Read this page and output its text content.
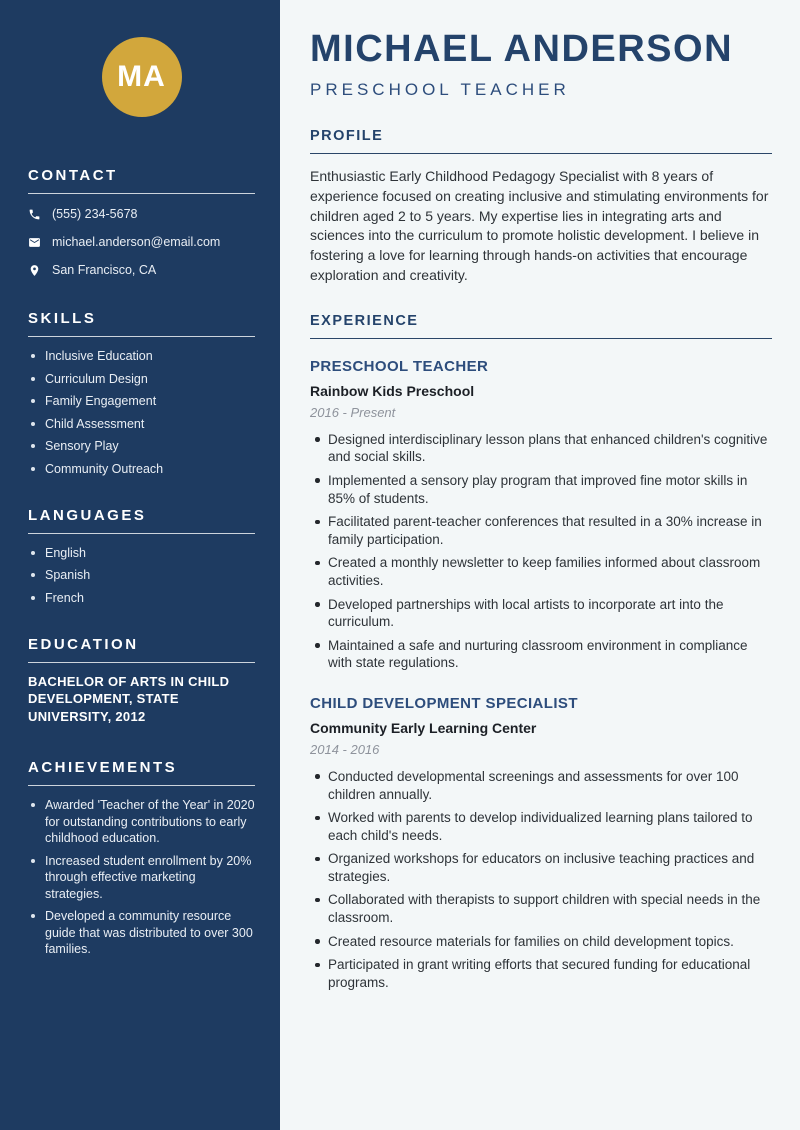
MA
CONTACT
(555) 234-5678
michael.anderson@email.com
San Francisco, CA
SKILLS
Inclusive Education
Curriculum Design
Family Engagement
Child Assessment
Sensory Play
Community Outreach
LANGUAGES
English
Spanish
French
EDUCATION

BACHELOR OF ARTS IN CHILD DEVELOPMENT, STATE UNIVERSITY, 2012

ACHIEVEMENTS
Awarded 'Teacher of the Year' in 2020 for outstanding contributions to early childhood education.
Increased student enrollment by 20% through effective marketing strategies.
Developed a community resource guide that was distributed to over 300 families.
MICHAEL ANDERSON
PRESCHOOL TEACHER
PROFILE

Enthusiastic Early Childhood Pedagogy Specialist with 8 years of experience focused on creating inclusive and stimulating environments for children aged 2 to 5 years. My expertise lies in integrating arts and sciences into the curriculum to promote holistic development. I believe in fostering a love for learning through hands-on activities that encourage exploration and creativity.

EXPERIENCE
PRESCHOOL TEACHER
Rainbow Kids Preschool
2016 - Present
Designed interdisciplinary lesson plans that enhanced children's cognitive and social skills.
Implemented a sensory play program that improved fine motor skills in 85% of students.
Facilitated parent-teacher conferences that resulted in a 30% increase in family participation.
Created a monthly newsletter to keep families informed about classroom activities.
Developed partnerships with local artists to incorporate art into the curriculum.
Maintained a safe and nurturing classroom environment in compliance with state regulations.
CHILD DEVELOPMENT SPECIALIST
Community Early Learning Center
2014 - 2016
Conducted developmental screenings and assessments for over 100 children annually.
Worked with parents to develop individualized learning plans tailored to each child's needs.
Organized workshops for educators on inclusive teaching practices and strategies.
Collaborated with therapists to support children with special needs in the classroom.
Created resource materials for families on child development topics.
Participated in grant writing efforts that secured funding for educational programs.
